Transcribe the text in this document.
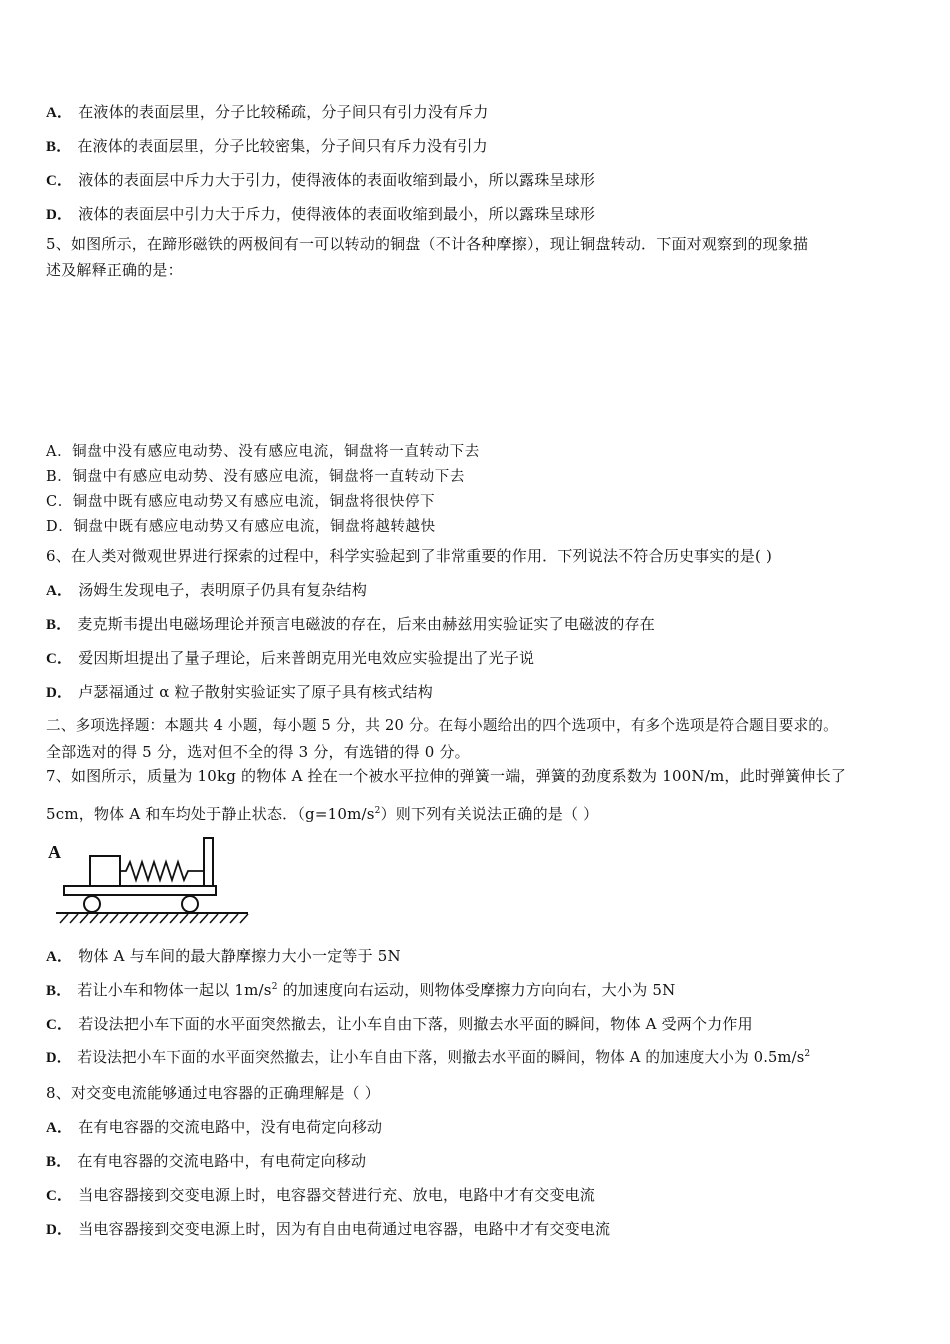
A． 在液体的表面层里，分子比较稀疏，分子间只有引力没有斥力
B． 在液体的表面层里，分子比较密集，分子间只有斥力没有引力
C． 液体的表面层中斥力大于引力，使得液体的表面收缩到最小，所以露珠呈球形
D． 液体的表面层中引力大于斥力，使得液体的表面收缩到最小，所以露珠呈球形
5、如图所示，在蹄形磁铁的两极间有一可以转动的铜盘（不计各种摩擦），现让铜盘转动．下面对观察到的现象描
述及解释正确的是：
A．铜盘中没有感应电动势、没有感应电流，铜盘将一直转动下去
B．铜盘中有感应电动势、没有感应电流，铜盘将一直转动下去
C．铜盘中既有感应电动势又有感应电流，铜盘将很快停下
D．铜盘中既有感应电动势又有感应电流，铜盘将越转越快
6、在人类对微观世界进行探索的过程中，科学实验起到了非常重要的作用．下列说法不符合历史事实的是( )
A． 汤姆生发现电子，表明原子仍具有复杂结构
B． 麦克斯韦提出电磁场理论并预言电磁波的存在，后来由赫兹用实验证实了电磁波的存在
C． 爱因斯坦提出了量子理论，后来普朗克用光电效应实验提出了光子说
D． 卢瑟福通过 α 粒子散射实验证实了原子具有核式结构
二、多项选择题：本题共 4 小题，每小题 5 分，共 20 分。在每小题给出的四个选项中，有多个选项是符合题目要求的。
全部选对的得 5 分，选对但不全的得 3 分，有选错的得 0 分。
7、如图所示，质量为 10kg 的物体 A 拴在一个被水平拉伸的弹簧一端，弹簧的劲度系数为 100N/m，此时弹簧伸长了
5cm，物体 A 和车均处于静止状态．$(g=10m/s^2)$则下列有关说法正确的是（ ）
A
A． 物体 A 与车间的最大静摩擦力大小一定等于 5N
B． 若让小车和物体一起以 $1m/s^2$ 的加速度向右运动，则物体受摩擦力方向向右，大小为 5N
C． 若设法把小车下面的水平面突然撤去，让小车自由下落，则撤去水平面的瞬间，物体 A 受两个力作用
D． 若设法把小车下面的水平面突然撤去，让小车自由下落，则撤去水平面的瞬间，物体 A 的加速度大小为 $0.5m/s^2$
8、对交变电流能够通过电容器的正确理解是（ ）
A． 在有电容器的交流电路中，没有电荷定向移动
B． 在有电容器的交流电路中，有电荷定向移动
C． 当电容器接到交变电源上时，电容器交替进行充、放电，电路中才有交变电流
D． 当电容器接到交变电源上时，因为有自由电荷通过电容器，电路中才有交变电流
